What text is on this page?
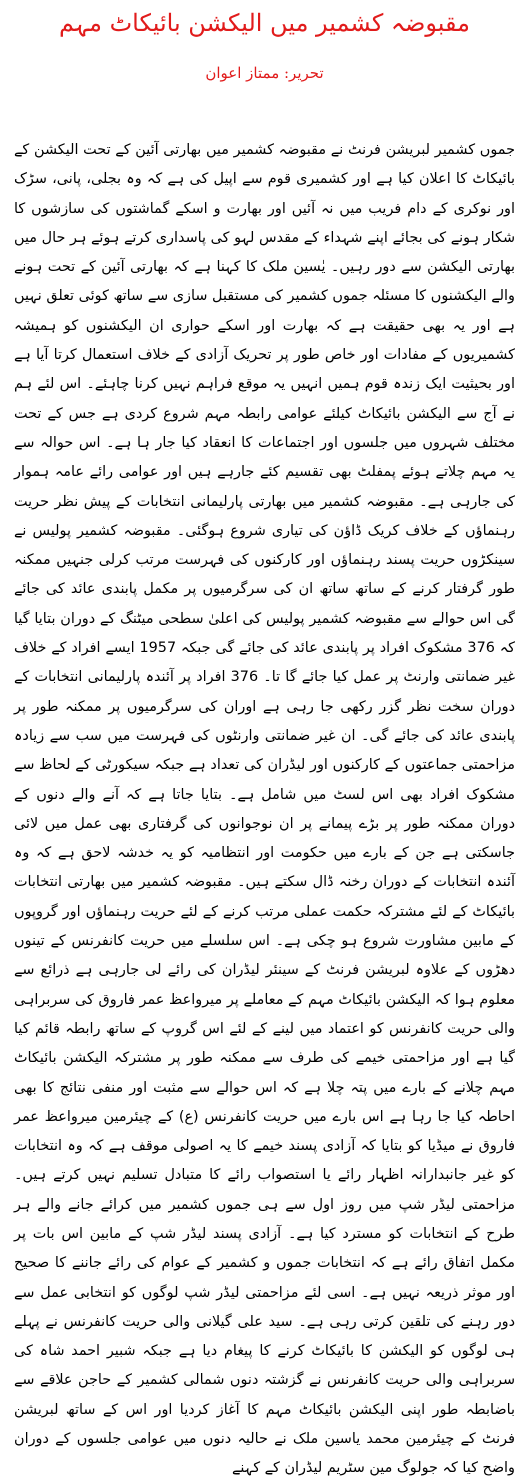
مقبوضہ کشمیر میں الیکشن بائیکاٹ مہم
تحریر: ممتاز اعوان
جموں کشمیر لبریشن فرنٹ نے مقبوضہ کشمیر میں بھارتی آئین کے تحت الیکشن کے بائیکاٹ کا اعلان کیا ہے اور کشمیری قوم سے اپیل کی ہے کہ وہ بجلی، پانی، سڑک اور نوکری کے دام فریب میں نہ آئیں اور بھارت و اسکے گماشتوں کی سازشوں کا شکار ہونے کی بجائے اپنے شہداء کے مقدس لہو کی پاسداری کرتے ہوئے ہر حال میں بھارتی الیکشن سے دور رہیں۔ یٰسین ملک کا کہنا ہے کہ بھارتی آئین کے تحت ہونے والے الیکشنوں کا مسئلہ جموں کشمیر کی مستقبل سازی سے ساتھ کوئی تعلق نہیں ہے اور یہ بھی حقیقت ہے کہ بھارت اور اسکے حواری ان الیکشنوں کو ہمیشہ کشمیریوں کے مفادات اور خاص طور پر تحریک آزادی کے خلاف استعمال کرتا آیا ہے اور بحیثیت ایک زندہ قوم ہمیں انہیں یہ موقع فراہم نہیں کرنا چاہئے۔ اس لئے ہم نے آج سے الیکشن بائیکاٹ کیلئے عوامی رابطہ مہم شروع کردی ہے جس کے تحت مختلف شہروں میں جلسوں اور اجتماعات کا انعقاد کیا جار ہا ہے۔ اس حوالہ سے یہ مہم چلاتے ہوئے پمفلٹ بھی تقسیم کئے جارہے ہیں اور عوامی رائے عامہ ہموار کی جارہی ہے۔ مقبوضہ کشمیر میں بھارتی پارلیمانی انتخابات کے پیش نظر حریت رہنماؤں کے خلاف کریک ڈاؤن کی تیاری شروع ہوگئی۔ مقبوضہ کشمیر پولیس نے سینکڑوں حریت پسند رہنماؤں اور کارکنوں کی فہرست مرتب کرلی جنہیں ممکنہ طور گرفتار کرنے کے ساتھ ساتھ ان کی سرگرمیوں پر مکمل پابندی عائد کی جائے گی اس حوالے سے مقبوضہ کشمیر پولیس کی اعلیٰ سطحی میٹنگ کے دوران بتایا گیا کہ 376 مشکوک افراد پر پابندی عائد کی جائے گی جبکہ 1957 ایسے افراد کے خلاف غیر ضمانتی وارنٹ پر عمل کیا جائے گا تا۔ 376 افراد پر آئندہ پارلیمانی انتخابات کے دوران سخت نظر گزر رکھی جا رہی ہے اوران کی سرگرمیوں پر ممکنہ طور پر پابندی عائد کی جائے گی۔ ان غیر ضمانتی وارنٹوں کی فہرست میں سب سے زیادہ مزاحمتی جماعتوں کے کارکنوں اور لیڈران کی تعداد ہے جبکہ سیکورٹی کے لحاظ سے مشکوک افراد بھی اس لسٹ میں شامل ہے۔ بتایا جاتا ہے کہ آنے والے دنوں کے دوران ممکنہ طور پر بڑے پیمانے پر ان نوجوانوں کی گرفتاری بھی عمل میں لائی جاسکتی ہے جن کے بارے میں حکومت اور انتظامیہ کو یہ خدشہ لاحق ہے کہ وہ آئندہ انتخابات کے دوران رخنہ ڈال سکتے ہیں۔ مقبوضہ کشمیر میں بھارتی انتخابات بائیکاٹ کے لئے مشترکہ حکمت عملی مرتب کرنے کے لئے حریت رہنماؤں اور گروپوں کے مابین مشاورت شروع ہو چکی ہے۔ اس سلسلے میں حریت کانفرنس کے تینوں دھڑوں کے علاوہ لبریشن فرنٹ کے سینئر لیڈران کی رائے لی جارہی ہے ذرائع سے معلوم ہوا کہ الیکشن بائیکاٹ مہم کے معاملے پر میرواعظ عمر فاروق کی سربراہی والی حریت کانفرنس کو اعتماد میں لینے کے لئے اس گروپ کے ساتھ رابطہ قائم کیا گیا ہے اور مزاحمتی خیمے کی طرف سے ممکنہ طور پر مشترکہ الیکشن بائیکاٹ مہم چلانے کے بارے میں پتہ چلا ہے کہ اس حوالے سے مثبت اور منفی نتائج کا بھی احاطہ کیا جا رہا ہے اس بارے میں حریت کانفرنس (ع) کے چیئرمین میرواعظ عمر فاروق نے میڈیا کو بتایا کہ آزادی پسند خیمے کا یہ اصولی موقف ہے کہ وہ انتخابات کو غیر جانبدارانہ اظہار رائے یا استصواب رائے کا متبادل تسلیم نہیں کرتے ہیں۔ مزاحمتی لیڈر شپ میں روز اول سے ہی جموں کشمیر میں کرائے جانے والے ہر طرح کے انتخابات کو مسترد کیا ہے۔ آزادی پسند لیڈر شپ کے مابین اس بات پر مکمل اتفاق رائے ہے کہ انتخابات جموں و کشمیر کے عوام کی رائے جاننے کا صحیح اور موثر ذریعہ نہیں ہے۔ اسی لئے مزاحمتی لیڈر شپ لوگوں کو انتخابی عمل سے دور رہنے کی تلقین کرتی رہی ہے۔ سید علی گیلانی والی حریت کانفرنس نے پہلے ہی لوگوں کو الیکشن کا بائیکاٹ کرنے کا پیغام دیا ہے جبکہ شبیر احمد شاہ کی سربراہی والی حریت کانفرنس نے گزشتہ دنوں شمالی کشمیر کے حاجن علاقے سے باضابطہ طور اپنی الیکشن بائیکاٹ مہم کا آغاز کردیا اور اس کے ساتھ لبریشن فرنٹ کے چیئرمین محمد یاسین ملک نے حالیہ دنوں میں عوامی جلسوں کے دوران واضح کیا کہ جولوگ مین سٹریم لیڈران کے کہنے
